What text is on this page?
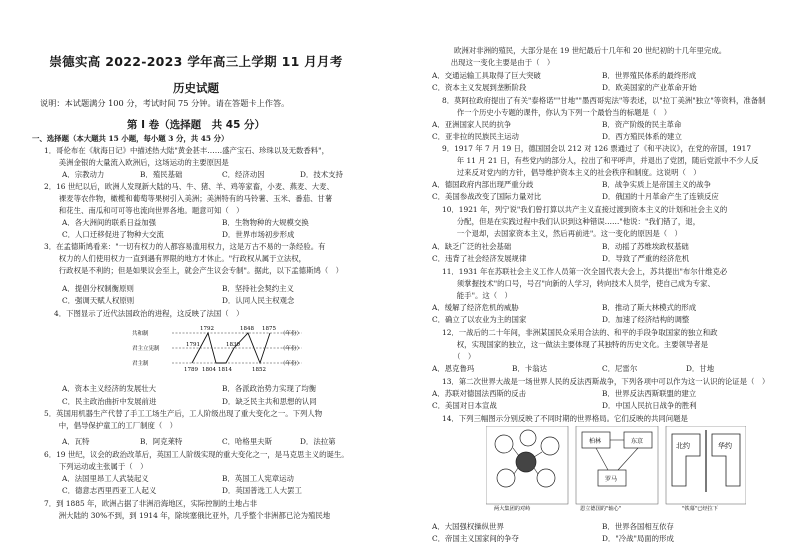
崇德实高 2022-2023 学年高三上学期 11 月月考
历史试题
说明：本试题满分 100 分，考试时间 75 分钟。请在答题卡上作答。
第 I 卷（选择题　共 45 分）
一、选择题（本大题共 15 小题，每小题 3 分，共 45 分）
1．哥伦布在《航海日记》中描述热大陆"黄金甚丰……盛产宝石、珍珠以及无数香料"，
　　美洲金银的大量流入欧洲后，这场运动的主要原因是
A．宗教动力	B．殖民基础	C．经济动因	D．技术支持
2．16 世纪以后，欧洲人发现新大陆的马、牛、猪、羊、鸡等家畜，小麦、燕麦、大麦、
　　裸麦等农作物，橄榄和葡萄等果树引入美洲；美洲特有的马铃薯、玉米、番茄、甘薯
　　和花生、南瓜和可可等也流向世界各地。题意可知（　）
A．各大洲间的联系日益加强	B．生物物种的大规模交换
C．人口迁移促进了物种大交流	D．世界市场初步形成
3．在孟德斯鸠看来："一切有权力的人都容易滥用权力，这是万古不易的一条经验。有
　　权力的人们使用权力一直到遇有界限的地方才休止。"行政权从属于立法权，
　　行政权是不利的；但是如果议会至上，就会产生议会专制"。据此，以下孟德斯鸠（　）
A．提倡分权制衡原则	B．坚持社会契约主义
C．强调天赋人权原则	D．认同人民主权观念
4．下图显示了近代法国政治的进程，这反映了法国（　）
共和制
君主立宪制
君主制
1792	1848 1875
（年份）
1791	1830
（年份）
1789 1804 1814	1852
（年份）
A．资本主义经济的发展壮大	B．各派政治势力实现了均衡
C．民主政治曲折中发展前进	D．缺乏民主共和思想的认同
5．英国用机器生产代替了手工工场生产后，工人阶级出现了重大变化之一。下列人物
　　中，倡导保护童工的工厂制度（　）
A．瓦特	B．阿克莱特	C．哈格里夫斯	D．法拉第
6．19 世纪，议会的政治改革后，英国工人阶级实现的重大变化之一，是马克思主义的诞生。
　　下列运动或主张属于（　）
A．法国里昂工人武装起义	B．英国工人宪章运动
C．德意志西里西亚工人起义	D．英国普选工人大罢工
7．到 1885 年，欧洲占据了非洲沿海地区，实际控制的土地占非
　　洲大陆的 30%不到，到 1914 年，除埃塞俄比亚外，几乎整个非洲都已沦为殖民地
欧洲对非洲的殖民，大部分是在 19 世纪最后十几年和 20 世纪初的十几年里完成。
　　出现这一变化主要是由于（　）
A．交通运输工具取得了巨大突破	B．世界殖民体系的最终形成
C．资本主义发展到垄断阶段	D．欧美国家的产业革命开始
8．莫阿拉政府提出了有关"泰格诺""甘地""墨西哥宪法"等表述，以"拉丁美洲"独立"等资料，准备制
　　作一个历史小专题的课件，你认为下列一个最恰当的标题是（　）
A．亚洲国家人民的抗争	B．资产阶级的民主革命
C．亚非拉的民族民主运动	D．西方殖民体系的建立
9．1917 年 7 月 19 日，德国国会以 212 对 126 票通过了《和平决议》，在党的帝国，1917
　　年 11 月 21 日，有些党内的部分人，拉出了和平呼声，并退出了党团，随后党派中不少人反
　　过来反对党内的方针，倡导维护资本主义的社会秩序和制度。这说明（　）
A．德国政府内部出现严重分歧	B．战争实质上是帝国主义的战争
C．美国参战改变了国际力量对比	D．俄国的十月革命产生了连锁反应
10．1921 年，列宁说"我们曾打算以共产主义直接过渡到资本主义的计划和社会主义的
　　分配，但是在实践过程中我们认识到这种错误……"他说："我们错了，退，
　　一个退却，去国家资本主义，然后再前进"。这一变化的原因是（　）
A．缺乏广泛的社会基础	B．动摇了苏维埃政权基础
C．违背了社会经济发展规律	D．导致了严重的经济危机
11．1931 年在苏联社会主义工作人员第一次全国代表大会上，苏共提出"布尔什维克必
　　须掌握技术"的口号，号召"向新的人学习，转向技术人员学，使自己成为专家、
　　能手"。这（　）
A．缓解了经济危机的威胁	B．推动了斯大林模式的形成
C．确立了以农业为主的国家	D．加速了经济结构的调整
12．一战后的二十年间，非洲某国民众采用合法的、和平的手段争取国家的独立和政
　　权，实现国家的独立，这一做法主要体现了其独特的历史文化。主要领导者是
　　（　）
A．恩克鲁玛	B．卡翁达	C．尼雷尔	D．甘地
13．第二次世界大战是一场世界人民的反法西斯战争，下列各项中可以作为这一认识的论证是（　）
A．苏联对德国法西斯的反击	B．世界反法西斯联盟的建立
C．美国对日本宣战	D．中国人民抗日战争的胜利
14．下列三幅图示分别反映了不同时期的世界格局。它们反映的共同问题是
A．大国强权操纵世界	B．世界各国相互依存
C．帝国主义国家间的争夺	D．"冷战"局面的形成
柏林	东京
罗马
北约	华约
两大集团的对峙	恩立德国的"轴心"	"铁幕"已经拉下
